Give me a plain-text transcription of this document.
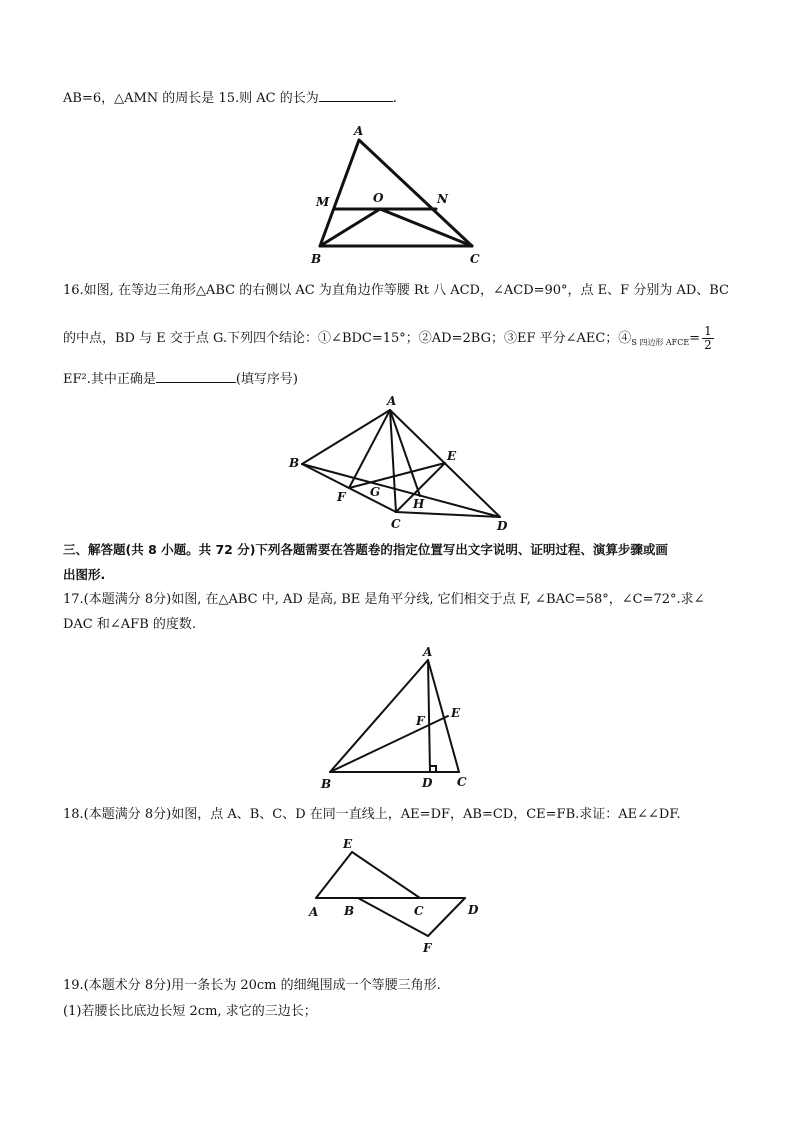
AB=6，△AMN 的周长是 15.则 AC 的长为	.
A
M	O	N
B	C
16.如图, 在等边三角形△ABC 的右侧以 AC 为直角边作等腰 Rt 八 ACD，∠ACD=90°，点 E、F 分别为 AD、BC
的中点，BD 与 E 交于点 G.下列四个结论：①∠BDC=15°；②AD=2BG；③EF 平分∠AEC；$④_{S 四边形 AFCE}= \frac{1}{2}$
EF².其中正确是	(填写序号)
A
B	E
F G
H
C	D
三、解答题(共 8 小题。共 72 分)下列各题需要在答题卷的指定位置写出文字说明、证明过程、演算步骤或画
出图形.
17.(本题满分 8分)如图, 在△ABC 中, AD 是高, BE 是角平分线, 它们相交于点 F, ∠BAC=58°，∠C=72°.求∠
DAC 和∠AFB 的度数.
A
F
E
B	D C
18.(本题满分 8分)如图，点 A、B、C、D 在同一直线上，AE=DF，AB=CD，CE=FB.求证：AE∠∠DF.
E
A B	C	D
F
19.(本题术分 8分)用一条长为 20cm 的细绳围成一个等腰三角形.
(1)若腰长比底边长短 2cm, 求它的三边长；
